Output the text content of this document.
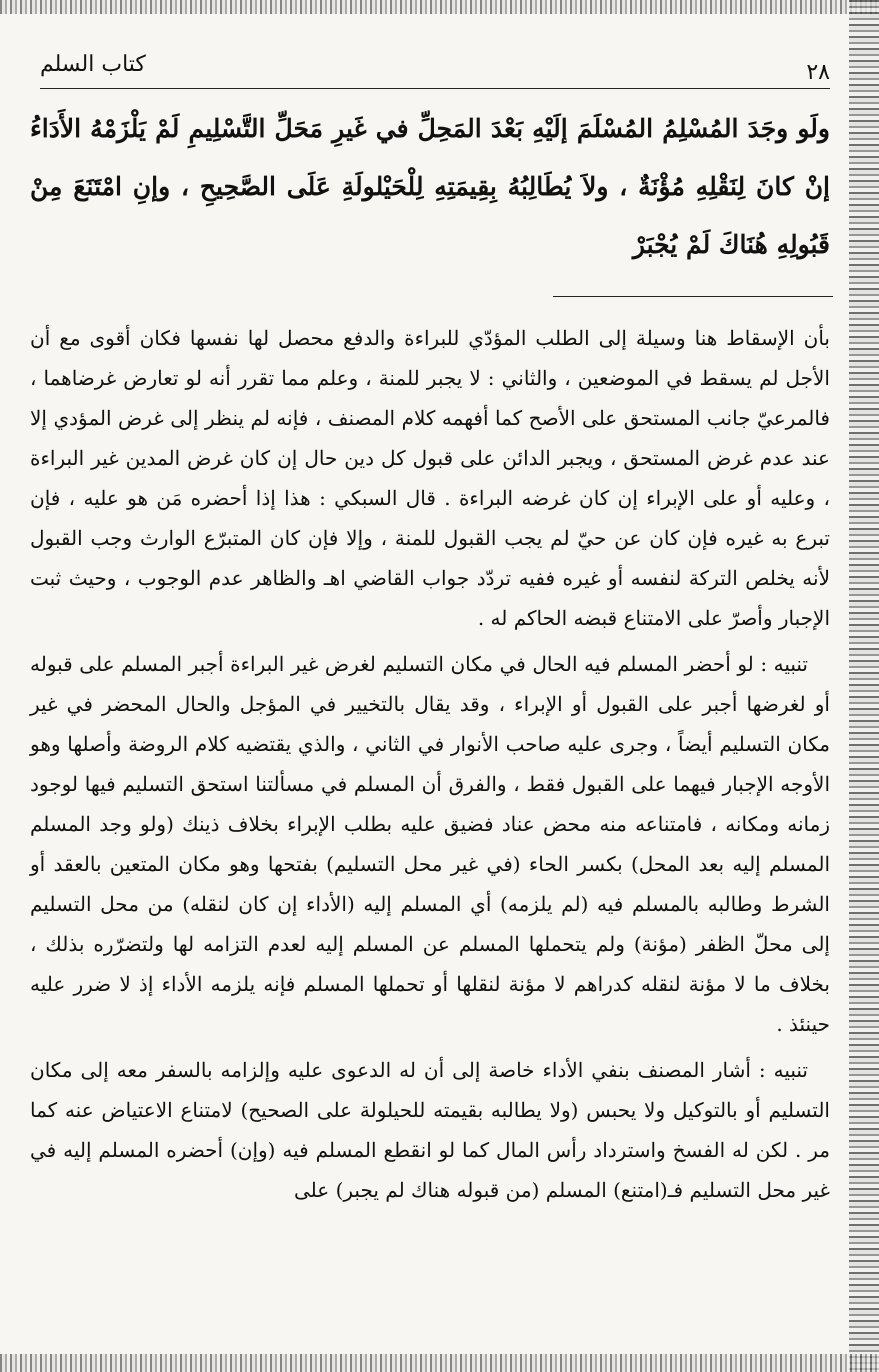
كتاب السلم	٢٨

ولَو وجَدَ المُسْلِمُ المُسْلَمَ إلَيْهِ بَعْدَ المَحِلِّ في غَيرِ مَحَلِّ التَّسْلِيمِ لَمْ يَلْزَمْهُ الأَدَاءُ إنْ كانَ لِنَقْلِهِ مُؤْنَةٌ ، ولاَ يُطَالِبُهُ بِقِيمَتِهِ لِلْحَيْلولَةِ عَلَى الصَّحِيحِ ، وإنِ امْتَنَعَ مِنْ قَبُولِهِ هُنَاكَ لَمْ يُجْبَرْ

بأن الإسقاط هنا وسيلة إلى الطلب المؤدّي للبراءة والدفع محصل لها نفسها فكان أقوى مع أن الأجل لم يسقط في الموضعين ، والثاني : لا يجبر للمنة ، وعلم مما تقرر أنه لو تعارض غرضاهما ، فالمرعيّ جانب المستحق على الأصح كما أفهمه كلام المصنف ، فإنه لم ينظر إلى غرض المؤدي إلا عند عدم غرض المستحق ، ويجبر الدائن على قبول كل دين حال إن كان غرض المدين غير البراءة ، وعليه أو على الإبراء إن كان غرضه البراءة . قال السبكي : هذا إذا أحضره مَن هو عليه ، فإن تبرع به غيره فإن كان عن حيّ لم يجب القبول للمنة ، وإلا فإن كان المتبرّع الوارث وجب القبول لأنه يخلص التركة لنفسه أو غيره ففيه تردّد جواب القاضي اهـ والظاهر عدم الوجوب ، وحيث ثبت الإجبار وأصرّ على الامتناع قبضه الحاكم له .

تنبيه : لو أحضر المسلم فيه الحال في مكان التسليم لغرض غير البراءة أجبر المسلم على قبوله أو لغرضها أجبر على القبول أو الإبراء ، وقد يقال بالتخيير في المؤجل والحال المحضر في غير مكان التسليم أيضاً ، وجرى عليه صاحب الأنوار في الثاني ، والذي يقتضيه كلام الروضة وأصلها وهو الأوجه الإجبار فيهما على القبول فقط ، والفرق أن المسلم في مسألتنا استحق التسليم فيها لوجود زمانه ومكانه ، فامتناعه منه محض عناد فضيق عليه بطلب الإبراء بخلاف ذينك (ولو وجد المسلم المسلم إليه بعد المحل) بكسر الحاء (في غير محل التسليم) بفتحها وهو مكان المتعين بالعقد أو الشرط وطالبه بالمسلم فيه (لم يلزمه) أي المسلم إليه (الأداء إن كان لنقله) من محل التسليم إلى محلّ الظفر (مؤنة) ولم يتحملها المسلم عن المسلم إليه لعدم التزامه لها ولتضرّره بذلك ، بخلاف ما لا مؤنة لنقله كدراهم لا مؤنة لنقلها أو تحملها المسلم فإنه يلزمه الأداء إذ لا ضرر عليه حينئذ .

تنبيه : أشار المصنف بنفي الأداء خاصة إلى أن له الدعوى عليه وإلزامه بالسفر معه إلى مكان التسليم أو بالتوكيل ولا يحبس (ولا يطالبه بقيمته للحيلولة على الصحيح) لامتناع الاعتياض عنه كما مر . لكن له الفسخ واسترداد رأس المال كما لو انقطع المسلم فيه (وإن) أحضره المسلم إليه في غير محل التسليم فـ(امتنع) المسلم (من قبوله هناك لم يجبر) على
